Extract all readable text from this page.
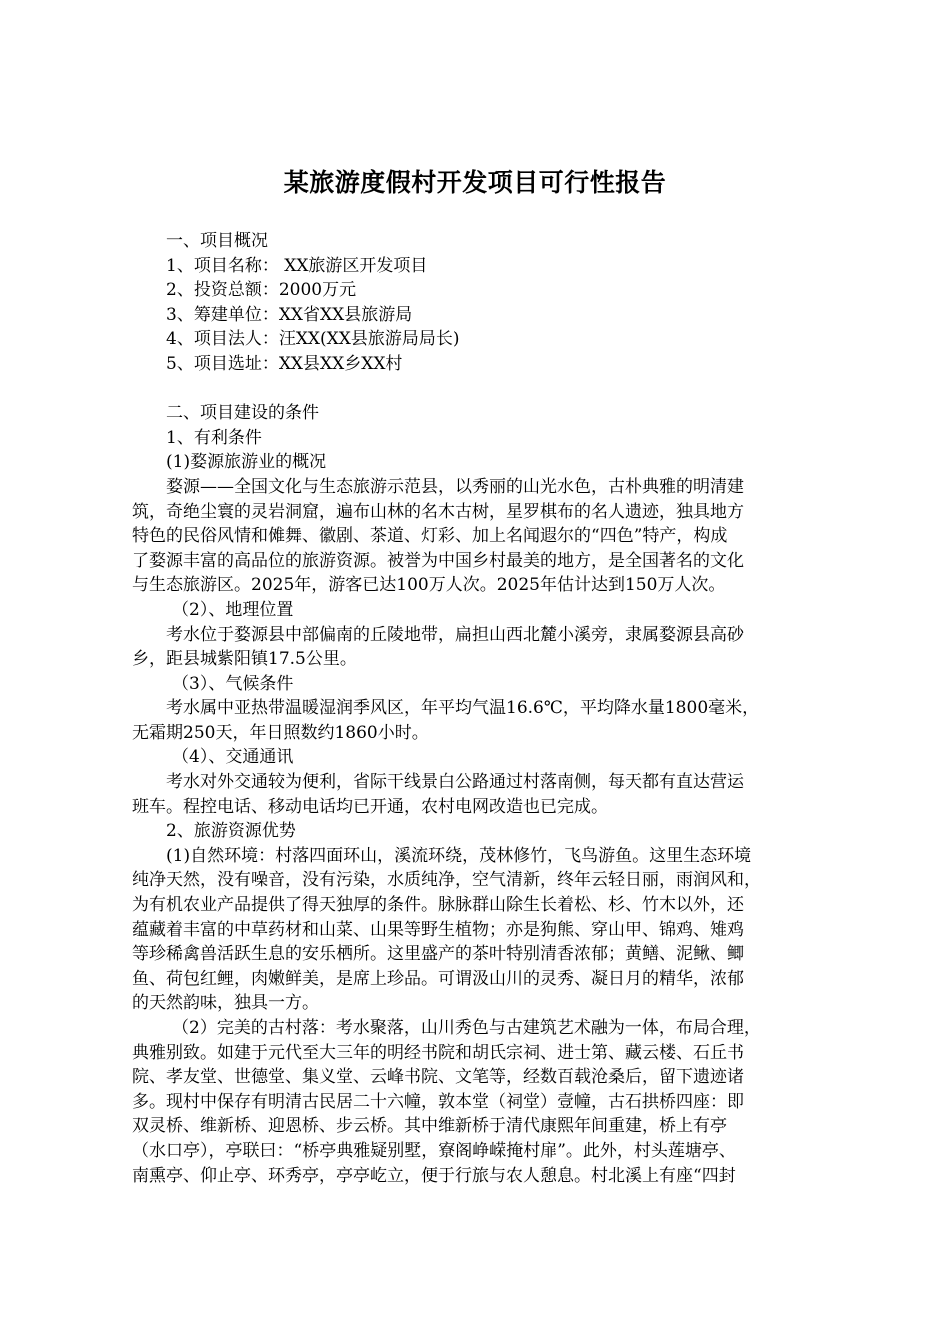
某旅游度假村开发项目可行性报告

一、项目概况

1、项目名称： XX旅游区开发项目

2、投资总额：2000万元

3、筹建单位：XX省XX县旅游局

4、项目法人：汪XX(XX县旅游局局长)

5、项目选址：XX县XX乡XX村

二、项目建设的条件

1、有利条件

(1)婺源旅游业的概况

婺源——全国文化与生态旅游示范县，以秀丽的山光水色，古朴典雅的明清建

筑，奇绝尘寰的灵岩洞窟，遍布山林的名木古树，星罗棋布的名人遗迹，独具地方

特色的民俗风情和傩舞、徽剧、茶道、灯彩、加上名闻遐尔的“四色”特产，构成

了婺源丰富的高品位的旅游资源。被誉为中国乡村最美的地方，是全国著名的文化

与生态旅游区。2025年，游客已达100万人次。2025年估计达到150万人次。

（2）、地理位置

考水位于婺源县中部偏南的丘陵地带，扁担山西北麓小溪旁，隶属婺源县高砂

乡，距县城紫阳镇17.5公里。

（3）、气候条件

考水属中亚热带温暖湿润季风区，年平均气温16.6℃，平均降水量1800毫米，

无霜期250天，年日照数约1860小时。

（4）、交通通讯

考水对外交通较为便利，省际干线景白公路通过村落南侧，每天都有直达营运

班车。程控电话、移动电话均已开通，农村电网改造也已完成。

2、旅游资源优势

(1)自然环境：村落四面环山，溪流环绕，茂林修竹，飞鸟游鱼。这里生态环境

纯净天然，没有噪音，没有污染，水质纯净，空气清新，终年云轻日丽，雨润风和，

为有机农业产品提供了得天独厚的条件。脉脉群山除生长着松、杉、竹木以外，还

蕴藏着丰富的中草药材和山菜、山果等野生植物；亦是狗熊、穿山甲、锦鸡、雉鸡

等珍稀禽兽活跃生息的安乐栖所。这里盛产的茶叶特别清香浓郁；黄鳝、泥鳅、鲫

鱼、荷包红鲤，肉嫩鲜美，是席上珍品。可谓汲山川的灵秀、凝日月的精华，浓郁

的天然韵味，独具一方。

（2）完美的古村落：考水聚落，山川秀色与古建筑艺术融为一体，布局合理，

典雅别致。如建于元代至大三年的明经书院和胡氏宗祠、进士第、藏云楼、石丘书

院、孝友堂、世德堂、集义堂、云峰书院、文笔等，经数百载沧桑后，留下遗迹诸

多。现村中保存有明清古民居二十六幢，敦本堂（祠堂）壹幢，古石拱桥四座：即

双灵桥、维新桥、迎恩桥、步云桥。其中维新桥于清代康熙年间重建，桥上有亭

（水口亭），亭联曰：“桥亭典雅疑别墅，寮阁峥嵘掩村扉”。此外，村头莲塘亭、

南熏亭、仰止亭、环秀亭，亭亭屹立，便于行旅与农人憩息。村北溪上有座“四封
